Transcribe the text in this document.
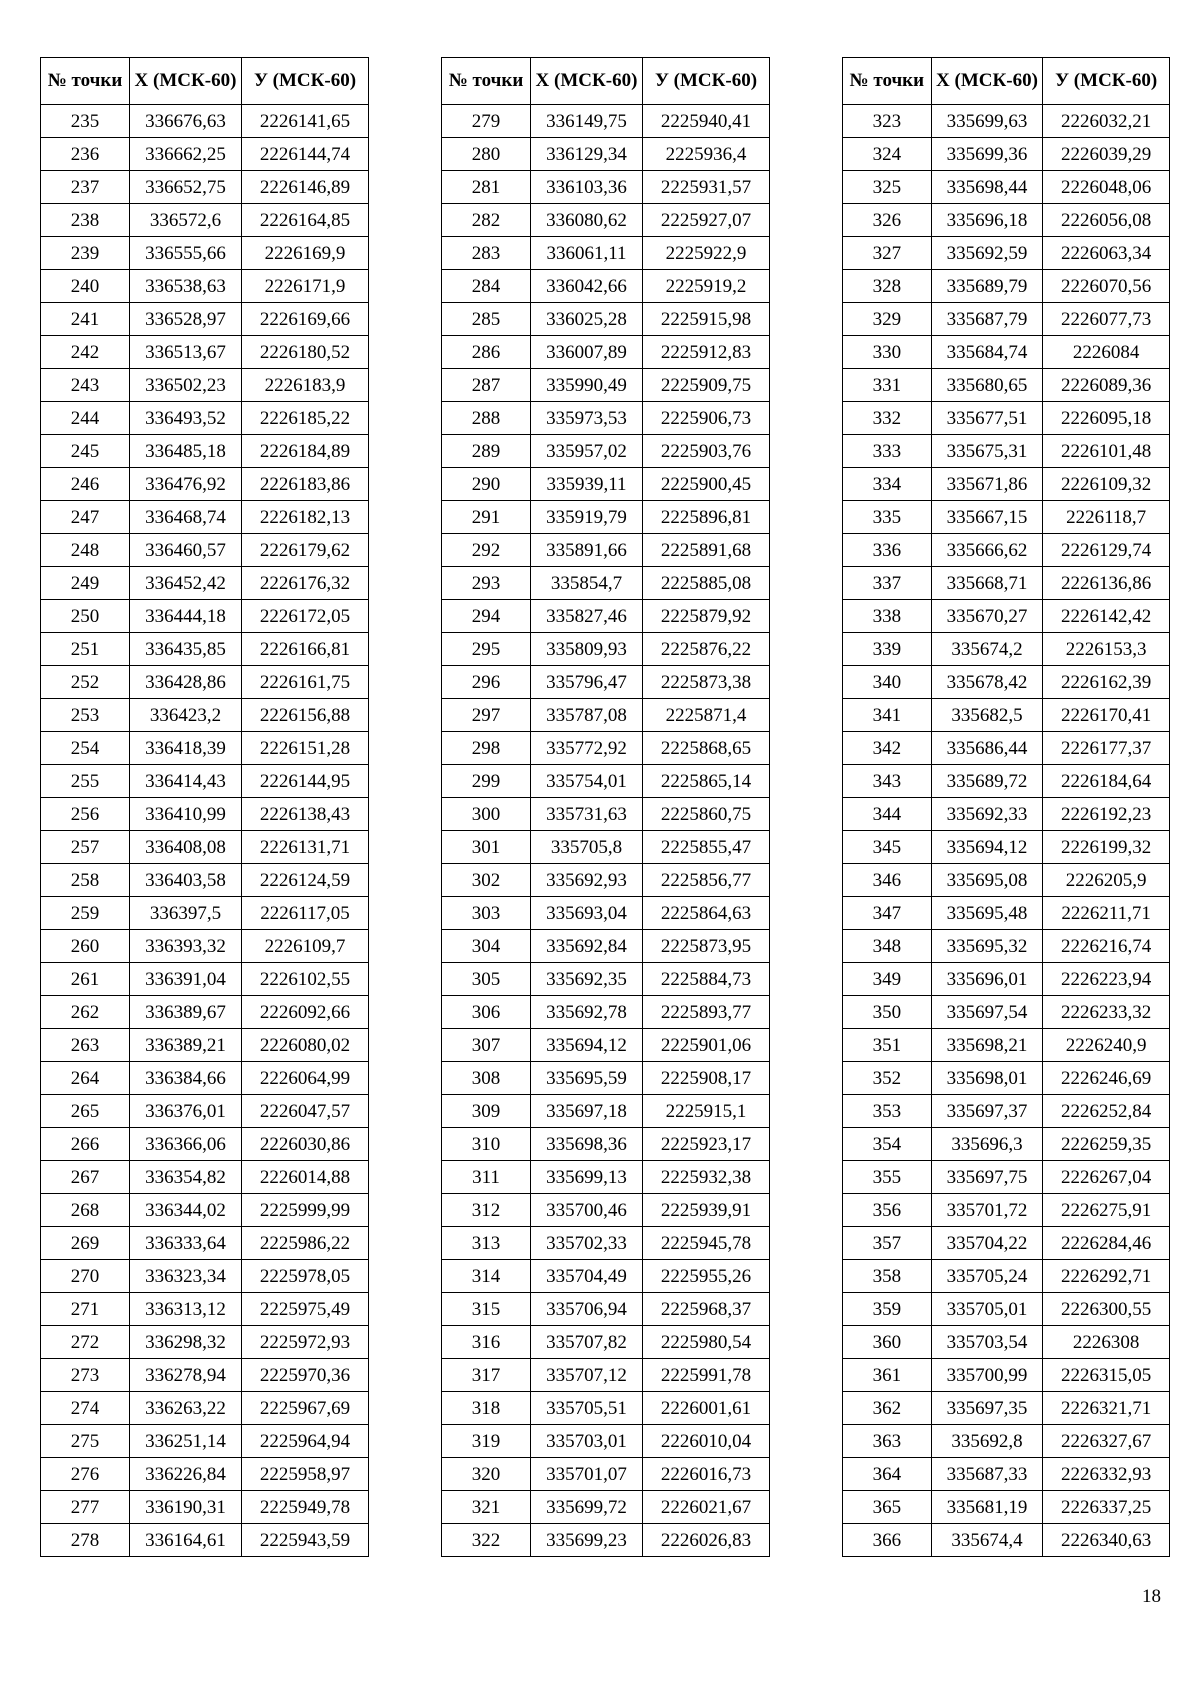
№ точки	Х (МСК-60)	У (МСК-60)
235	336676,63	2226141,65
236	336662,25	2226144,74
237	336652,75	2226146,89
238	336572,6	2226164,85
239	336555,66	2226169,9
240	336538,63	2226171,9
241	336528,97	2226169,66
242	336513,67	2226180,52
243	336502,23	2226183,9
244	336493,52	2226185,22
245	336485,18	2226184,89
246	336476,92	2226183,86
247	336468,74	2226182,13
248	336460,57	2226179,62
249	336452,42	2226176,32
250	336444,18	2226172,05
251	336435,85	2226166,81
252	336428,86	2226161,75
253	336423,2	2226156,88
254	336418,39	2226151,28
255	336414,43	2226144,95
256	336410,99	2226138,43
257	336408,08	2226131,71
258	336403,58	2226124,59
259	336397,5	2226117,05
260	336393,32	2226109,7
261	336391,04	2226102,55
262	336389,67	2226092,66
263	336389,21	2226080,02
264	336384,66	2226064,99
265	336376,01	2226047,57
266	336366,06	2226030,86
267	336354,82	2226014,88
268	336344,02	2225999,99
269	336333,64	2225986,22
270	336323,34	2225978,05
271	336313,12	2225975,49
272	336298,32	2225972,93
273	336278,94	2225970,36
274	336263,22	2225967,69
275	336251,14	2225964,94
276	336226,84	2225958,97
277	336190,31	2225949,78
278	336164,61	2225943,59
№ точки	Х (МСК-60)	У (МСК-60)
279	336149,75	2225940,41
280	336129,34	2225936,4
281	336103,36	2225931,57
282	336080,62	2225927,07
283	336061,11	2225922,9
284	336042,66	2225919,2
285	336025,28	2225915,98
286	336007,89	2225912,83
287	335990,49	2225909,75
288	335973,53	2225906,73
289	335957,02	2225903,76
290	335939,11	2225900,45
291	335919,79	2225896,81
292	335891,66	2225891,68
293	335854,7	2225885,08
294	335827,46	2225879,92
295	335809,93	2225876,22
296	335796,47	2225873,38
297	335787,08	2225871,4
298	335772,92	2225868,65
299	335754,01	2225865,14
300	335731,63	2225860,75
301	335705,8	2225855,47
302	335692,93	2225856,77
303	335693,04	2225864,63
304	335692,84	2225873,95
305	335692,35	2225884,73
306	335692,78	2225893,77
307	335694,12	2225901,06
308	335695,59	2225908,17
309	335697,18	2225915,1
310	335698,36	2225923,17
311	335699,13	2225932,38
312	335700,46	2225939,91
313	335702,33	2225945,78
314	335704,49	2225955,26
315	335706,94	2225968,37
316	335707,82	2225980,54
317	335707,12	2225991,78
318	335705,51	2226001,61
319	335703,01	2226010,04
320	335701,07	2226016,73
321	335699,72	2226021,67
322	335699,23	2226026,83
№ точки	Х (МСК-60)	У (МСК-60)
323	335699,63	2226032,21
324	335699,36	2226039,29
325	335698,44	2226048,06
326	335696,18	2226056,08
327	335692,59	2226063,34
328	335689,79	2226070,56
329	335687,79	2226077,73
330	335684,74	2226084
331	335680,65	2226089,36
332	335677,51	2226095,18
333	335675,31	2226101,48
334	335671,86	2226109,32
335	335667,15	2226118,7
336	335666,62	2226129,74
337	335668,71	2226136,86
338	335670,27	2226142,42
339	335674,2	2226153,3
340	335678,42	2226162,39
341	335682,5	2226170,41
342	335686,44	2226177,37
343	335689,72	2226184,64
344	335692,33	2226192,23
345	335694,12	2226199,32
346	335695,08	2226205,9
347	335695,48	2226211,71
348	335695,32	2226216,74
349	335696,01	2226223,94
350	335697,54	2226233,32
351	335698,21	2226240,9
352	335698,01	2226246,69
353	335697,37	2226252,84
354	335696,3	2226259,35
355	335697,75	2226267,04
356	335701,72	2226275,91
357	335704,22	2226284,46
358	335705,24	2226292,71
359	335705,01	2226300,55
360	335703,54	2226308
361	335700,99	2226315,05
362	335697,35	2226321,71
363	335692,8	2226327,67
364	335687,33	2226332,93
365	335681,19	2226337,25
366	335674,4	2226340,63
18
